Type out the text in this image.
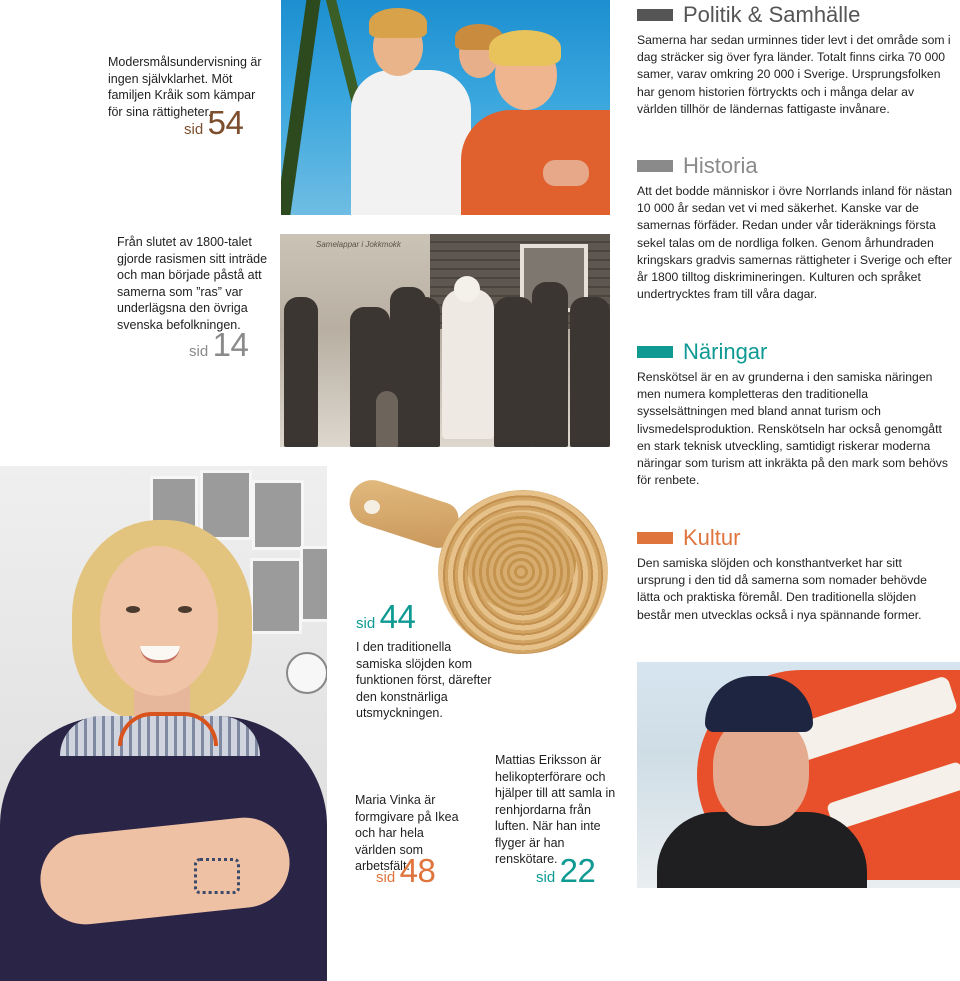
Samelappar i Jokkmokk
Modersmålsundervisning är ingen självklarhet. Möt familjen Kråik som kämpar för sina rättigheter.
sid 54
Från slutet av 1800-talet gjorde rasismen sitt inträde och man började påstå att samerna som ”ras” var underlägsna den övriga svenska befolkningen.
sid 14
sid 44
I den traditionella samiska slöjden kom funktionen först, därefter den konstnärliga utsmyckningen.
Maria Vinka är formgivare på Ikea och har hela världen som arbetsfält.
sid 48
Mattias Eriksson är helikopterförare och hjälper till att samla in renhjordarna från luften. När han inte flyger är han renskötare.
sid 22
Politik & Samhälle
Samerna har sedan urminnes tider levt i det område som i dag sträcker sig över fyra länder. Totalt finns cirka 70 000 samer, varav omkring 20 000 i Sverige. Ursprungsfolken har genom historien förtryckts och i många delar av världen tillhör de ländernas fattigaste invånare.
Historia
Att det bodde människor i övre Norrlands inland för nästan 10 000 år sedan vet vi med säkerhet. Kanske var de samernas förfäder. Redan under vår tideräknings första sekel talas om de nordliga folken. Genom århundraden kringskars gradvis samernas rättigheter i Sverige och efter år 1800 tilltog diskrimineringen. Kulturen och språket undertrycktes fram till våra dagar.
Näringar
Renskötsel är en av grunderna i den samiska näringen men numera kompletteras den traditionella sysselsättningen med bland annat turism och livsmedelsproduktion. Renskötseln har också genomgått en stark teknisk utveckling, samtidigt riskerar moderna näringar som turism att inkräkta på den mark som behövs för renbete.
Kultur
Den samiska slöjden och konsthantverket har sitt ursprung i den tid då samerna som nomader behövde lätta och praktiska föremål. Den traditionella slöjden består men utvecklas också i nya spännande former.
